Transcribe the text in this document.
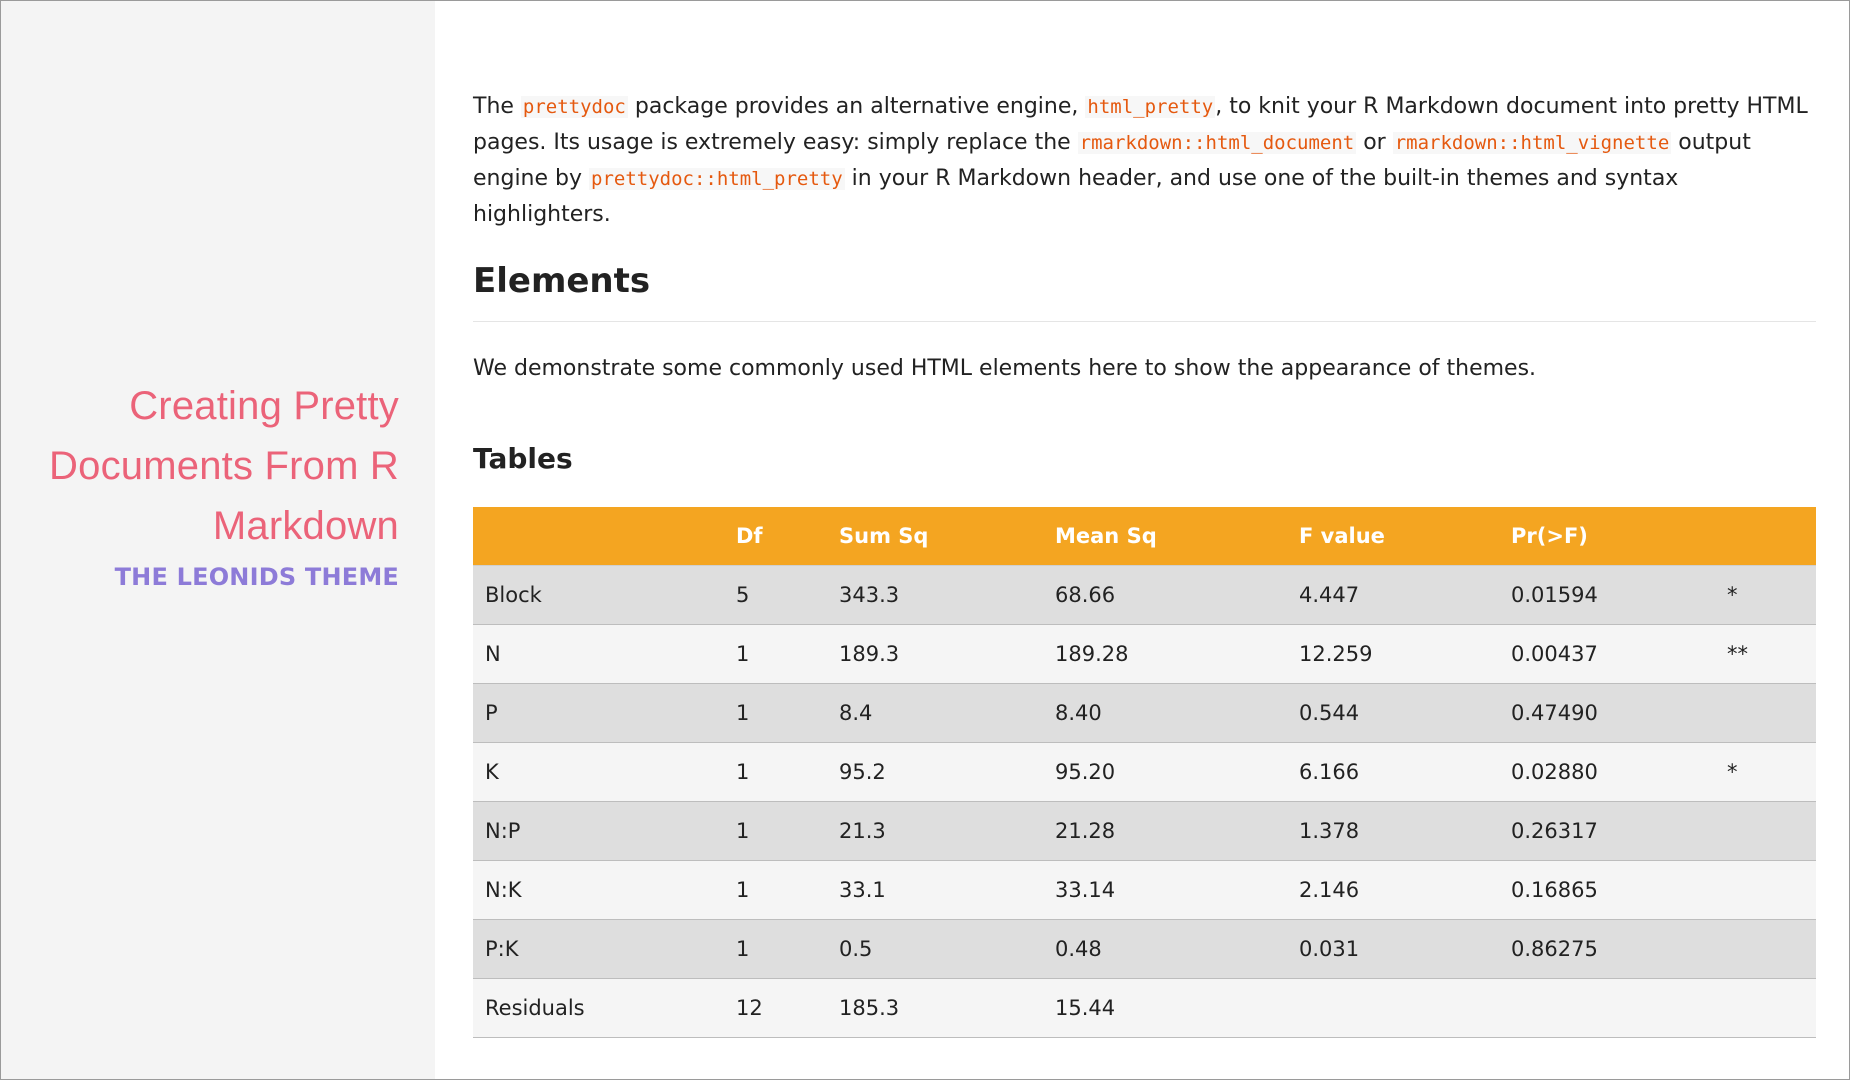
Creating Pretty Documents From R Markdown
THE LEONIDS THEME

The prettydoc package provides an alternative engine, html_pretty, to knit your R Markdown document into pretty HTML pages. Its usage is extremely easy: simply replace the rmarkdown::html_document or rmarkdown::html_vignette output engine by prettydoc::html_pretty in your R Markdown header, and use one of the built-in themes and syntax highlighters.

Elements

We demonstrate some commonly used HTML elements here to show the appearance of themes.

Tables
	Df	Sum Sq	Mean Sq	F value	Pr(>F)	
Block	5	343.3	68.66	4.447	0.01594	*
N	1	189.3	189.28	12.259	0.00437	**
P	1	8.4	8.40	0.544	0.47490	
K	1	95.2	95.20	6.166	0.02880	*
N:P	1	21.3	21.28	1.378	0.26317	
N:K	1	33.1	33.14	2.146	0.16865	
P:K	1	0.5	0.48	0.031	0.86275	
Residuals	12	185.3	15.44			
